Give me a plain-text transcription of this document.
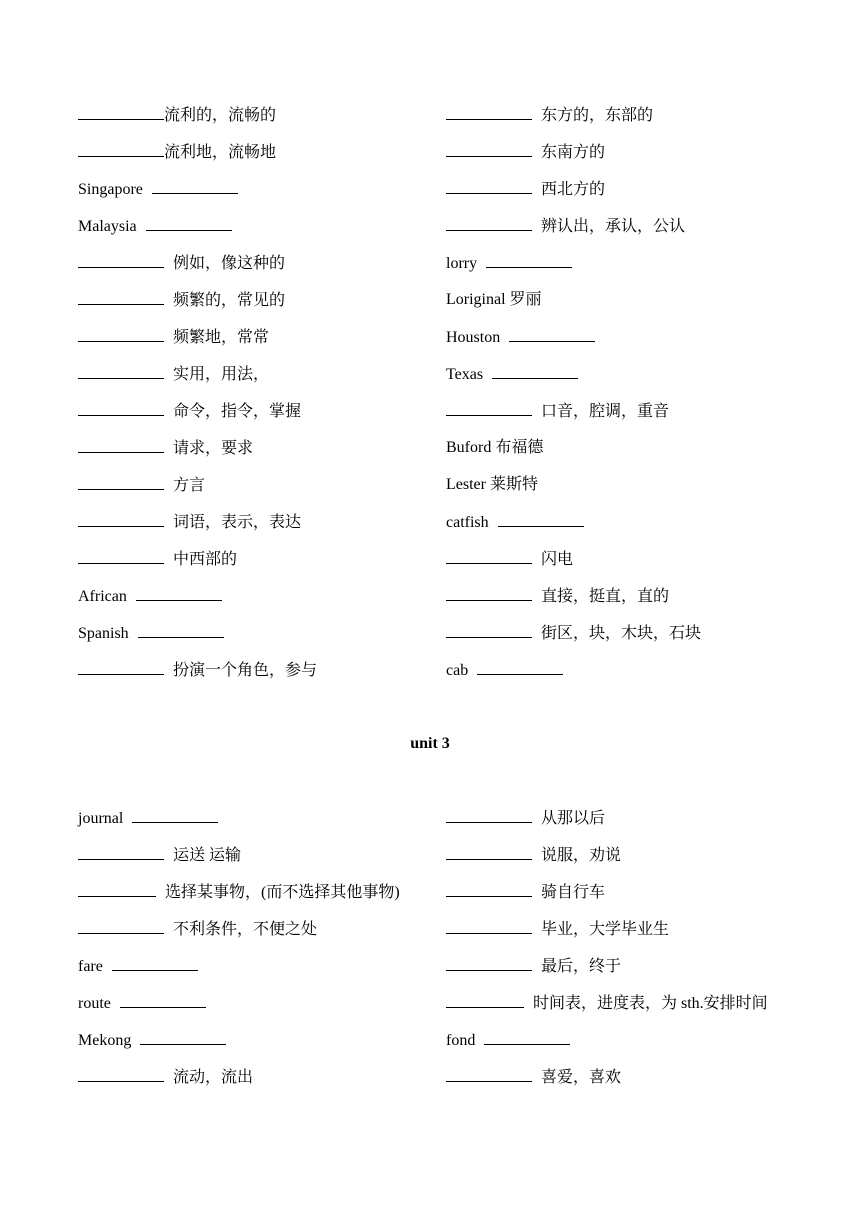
流利的，流畅的
流利地，流畅地
Singapore
Malaysia
例如，像这种的
频繁的，常见的
频繁地，常常
实用，用法，
命令，指令，掌握
请求，要求
方言
词语，表示，表达
中西部的
African
Spanish
扮演一个角色，参与
东方的，东部的
东南方的
西北方的
辨认出，承认，公认
lorry
Loriginal 罗丽
Houston
Texas
口音，腔调，重音
Buford 布福德
Lester 莱斯特
catfish
闪电
直接，挺直，直的
街区，块，木块，石块
cab
unit 3
journal
运送 运输
选择某事物，(而不选择其他事物)
不利条件，不便之处
fare
route
Mekong
流动，流出
从那以后
说服，劝说
骑自行车
毕业，大学毕业生
最后，终于
时间表，进度表，为 sth.安排时间
fond
喜爱，喜欢
